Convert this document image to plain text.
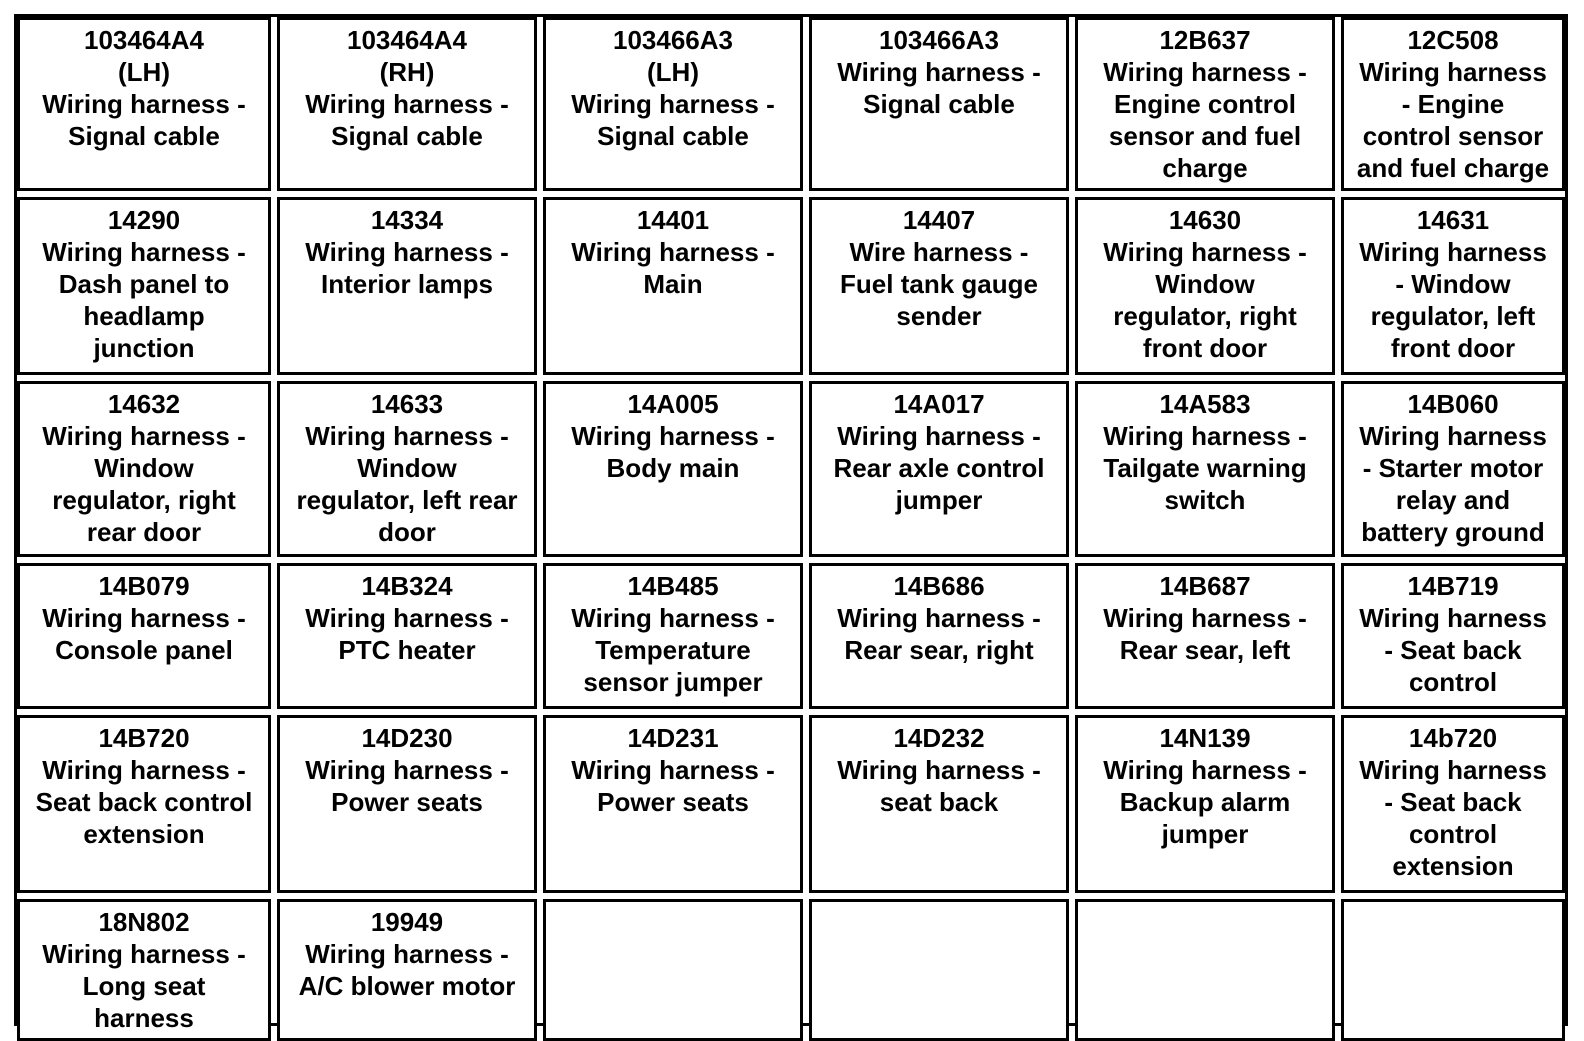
103464A4
(LH)
Wiring harness -
Signal cable
103464A4
(RH)
Wiring harness -
Signal cable
103466A3
(LH)
Wiring harness -
Signal cable
103466A3
Wiring harness -
Signal cable
12B637
Wiring harness -
Engine control
sensor and fuel
charge
12C508
Wiring harness
- Engine
control sensor
and fuel charge
14290
Wiring harness -
Dash panel to
headlamp
junction
14334
Wiring harness -
Interior lamps
14401
Wiring harness -
Main
14407
Wire harness -
Fuel tank gauge
sender
14630
Wiring harness -
Window
regulator, right
front door
14631
Wiring harness
- Window
regulator, left
front door
14632
Wiring harness -
Window
regulator, right
rear door
14633
Wiring harness -
Window
regulator, left rear
door
14A005
Wiring harness -
Body main
14A017
Wiring harness -
Rear axle control
jumper
14A583
Wiring harness -
Tailgate warning
switch
14B060
Wiring harness
- Starter motor
relay and
battery ground
14B079
Wiring harness -
Console panel
14B324
Wiring harness -
PTC heater
14B485
Wiring harness -
Temperature
sensor jumper
14B686
Wiring harness -
Rear sear, right
14B687
Wiring harness -
Rear sear, left
14B719
Wiring harness
- Seat back
control
14B720
Wiring harness -
Seat back control
extension
14D230
Wiring harness -
Power seats
14D231
Wiring harness -
Power seats
14D232
Wiring harness -
seat back
14N139
Wiring harness -
Backup alarm
jumper
14b720
Wiring harness
- Seat back
control
extension
18N802
Wiring harness -
Long seat
harness
19949
Wiring harness -
A/C blower motor
